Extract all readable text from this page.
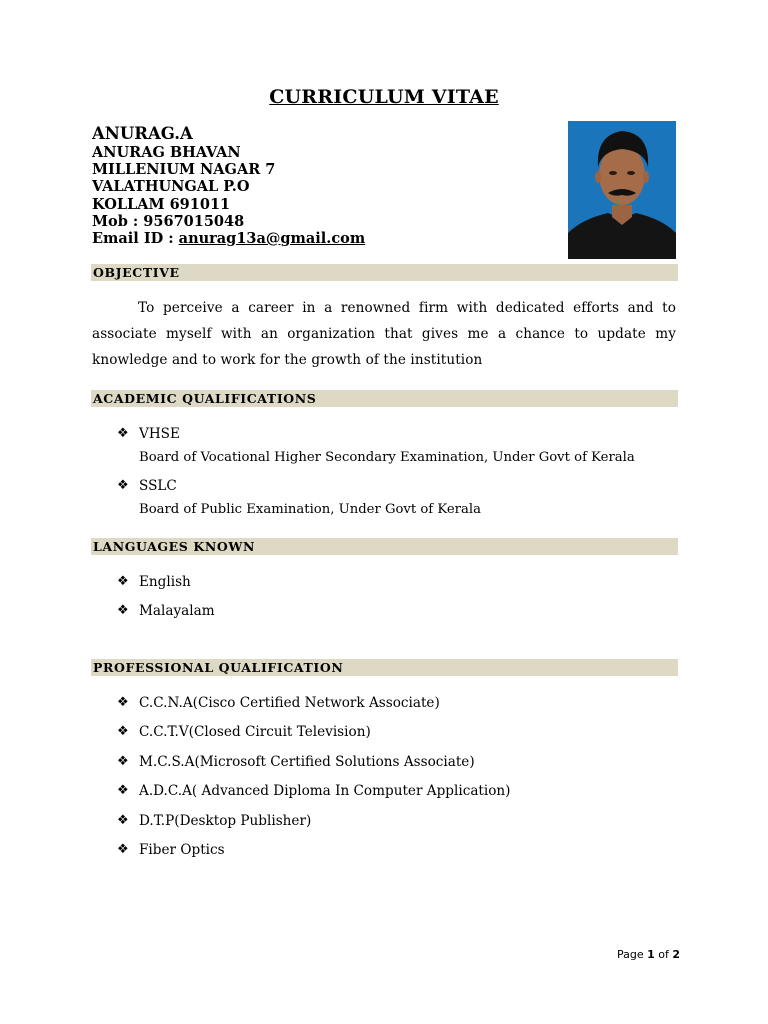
CURRICULUM VITAE
ANURAG.A
ANURAG BHAVAN
MILLENIUM NAGAR 7
VALATHUNGAL P.O
KOLLAM 691011
Mob : 9567015048
Email ID : anurag13a@gmail.com
OBJECTIVE
To perceive a career in a renowned firm with dedicated efforts and to associate myself with an organization that gives me a chance to update my knowledge and to work for the growth of the institution
ACADEMIC QUALIFICATIONS
❖ VHSE
Board of Vocational Higher Secondary Examination, Under Govt of Kerala
❖ SSLC
Board of Public Examination, Under Govt of Kerala
LANGUAGES KNOWN
❖ English
❖ Malayalam
PROFESSIONAL QUALIFICATION
❖ C.C.N.A(Cisco Certified Network Associate)
❖ C.C.T.V(Closed Circuit Television)
❖ M.C.S.A(Microsoft Certified Solutions Associate)
❖ A.D.C.A( Advanced Diploma In Computer Application)
❖ D.T.P(Desktop Publisher)
❖ Fiber Optics
Page 1 of 2
